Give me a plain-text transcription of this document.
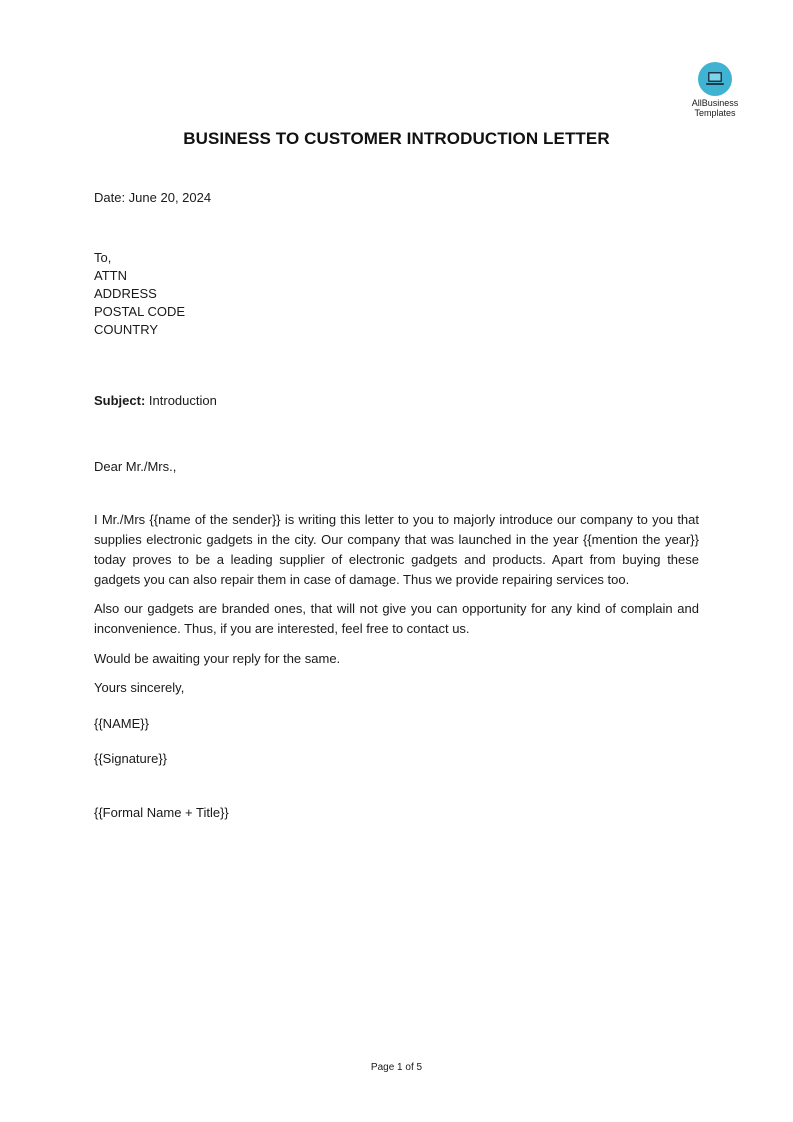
AllBusiness
Templates
BUSINESS TO CUSTOMER INTRODUCTION LETTER
Date: June 20, 2024
To,
ATTN
ADDRESS
POSTAL CODE
COUNTRY
Subject: Introduction
Dear Mr./Mrs.,
I Mr./Mrs {{name of the sender}} is writing this letter to you to majorly introduce our company to you that supplies electronic gadgets in the city. Our company that was launched in the year {{mention the year}} today proves to be a leading supplier of electronic gadgets and products. Apart from buying these gadgets you can also repair them in case of damage. Thus we provide repairing services too.
Also our gadgets are branded ones, that will not give you can opportunity for any kind of complain and inconvenience. Thus, if you are interested, feel free to contact us.
Would be awaiting your reply for the same.
Yours sincerely,
{{NAME}}
{{Signature}}
{{Formal Name + Title}}
Page 1 of 5
